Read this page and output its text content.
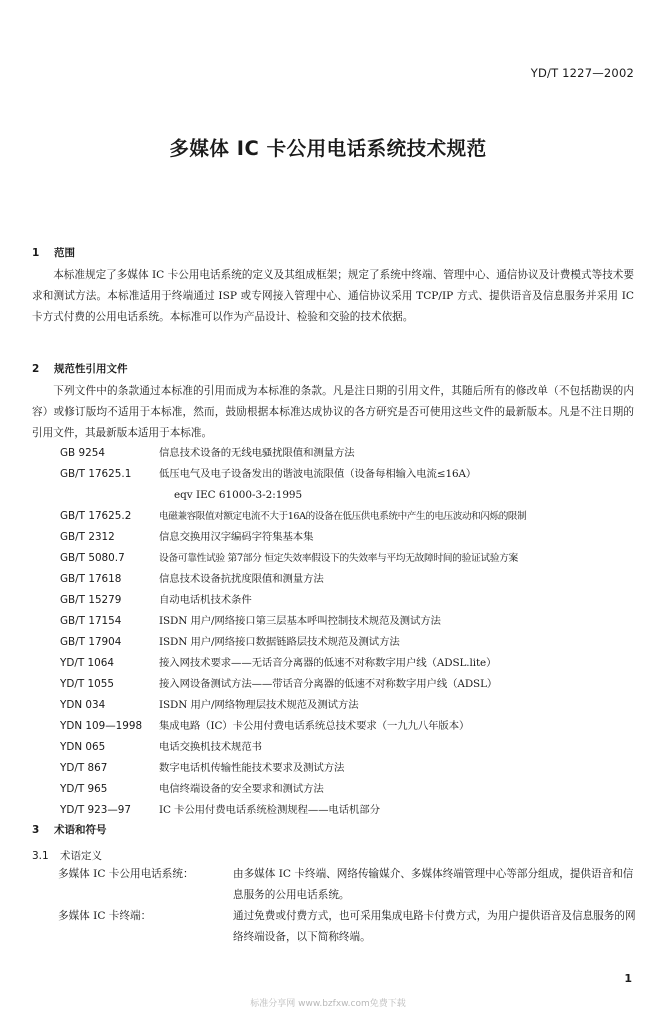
YD/T 1227—2002
多媒体 IC 卡公用电话系统技术规范
1 范围

本标准规定了多媒体 IC 卡公用电话系统的定义及其组成框架；规定了系统中终端、管理中心、通信协议及计费模式等技术要求和测试方法。本标准适用于终端通过 ISP 或专网接入管理中心、通信协议采用 TCP/IP 方式、提供语音及信息服务并采用 IC 卡方式付费的公用电话系统。本标准可以作为产品设计、检验和交验的技术依据。

2 规范性引用文件

下列文件中的条款通过本标准的引用而成为本标准的条款。凡是注日期的引用文件，其随后所有的修改单（不包括勘误的内容）或修订版均不适用于本标准，然而，鼓励根据本标准达成协议的各方研究是否可使用这些文件的最新版本。凡是不注日期的引用文件，其最新版本适用于本标准。

GB 9254	信息技术设备的无线电骚扰限值和测量方法
GB/T 17625.1	低压电气及电子设备发出的谐波电流限值（设备每相输入电流≤16A）
eqv IEC 61000-3-2:1995
GB/T 17625.2	电磁兼容限值对额定电流不大于16A的设备在低压供电系统中产生的电压波动和闪烁的限制
GB/T 2312	信息交换用汉字编码字符集基本集
GB/T 5080.7	设备可靠性试验 第7部分 恒定失效率假设下的失效率与平均无故障时间的验证试验方案
GB/T 17618	信息技术设备抗扰度限值和测量方法
GB/T 15279	自动电话机技术条件
GB/T 17154	ISDN 用户/网络接口第三层基本呼叫控制技术规范及测试方法
GB/T 17904	ISDN 用户/网络接口数据链路层技术规范及测试方法
YD/T 1064	接入网技术要求——无话音分离器的低速不对称数字用户线（ADSL.lite）
YD/T 1055	接入网设备测试方法——带话音分离器的低速不对称数字用户线（ADSL）
YDN 034	ISDN 用户/网络物理层技术规范及测试方法
YDN 109—1998	集成电路（IC）卡公用付费电话系统总技术要求（一九九八年版本）
YDN 065	电话交换机技术规范书
YD/T 867	数字电话机传输性能技术要求及测试方法
YD/T 965	电信终端设备的安全要求和测试方法
YD/T 923—97	IC 卡公用付费电话系统检测规程——电话机部分
3 术语和符号
3.1 术语定义
多媒体 IC 卡公用电话系统：	由多媒体 IC 卡终端、网络传输媒介、多媒体终端管理中心等部分组成，提供语音和信息服务的公用电话系统。
多媒体 IC 卡终端：	通过免费或付费方式，也可采用集成电路卡付费方式，为用户提供语音及信息服务的网络终端设备，以下简称终端。
1
标准分享网 www.bzfxw.com免费下载
